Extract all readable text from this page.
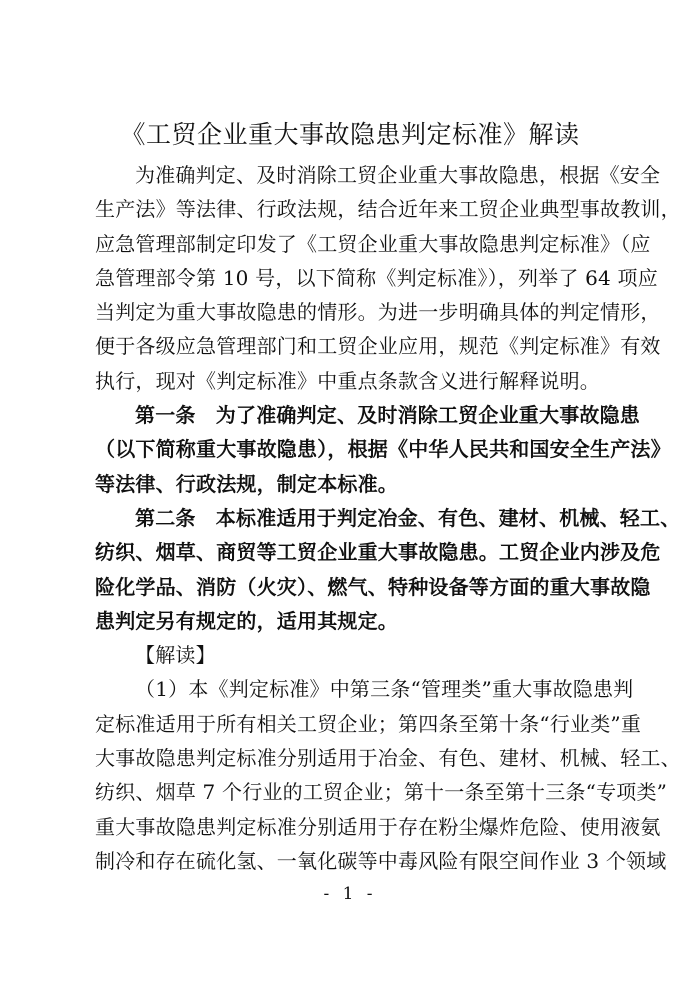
《工贸企业重大事故隐患判定标准》解读
为准确判定、及时消除工贸企业重大事故隐患，根据《安全
生产法》等法律、行政法规，结合近年来工贸企业典型事故教训，
应急管理部制定印发了《工贸企业重大事故隐患判定标准》（应
急管理部令第 10 号，以下简称《判定标准》），列举了 64 项应
当判定为重大事故隐患的情形。为进一步明确具体的判定情形，
便于各级应急管理部门和工贸企业应用，规范《判定标准》有效
执行，现对《判定标准》中重点条款含义进行解释说明。
第一条　为了准确判定、及时消除工贸企业重大事故隐患
（以下简称重大事故隐患），根据《中华人民共和国安全生产法》
等法律、行政法规，制定本标准。
第二条　本标准适用于判定冶金、有色、建材、机械、轻工、
纺织、烟草、商贸等工贸企业重大事故隐患。工贸企业内涉及危
险化学品、消防（火灾）、燃气、特种设备等方面的重大事故隐
患判定另有规定的，适用其规定。
【解读】
（1）本《判定标准》中第三条“管理类”重大事故隐患判
定标准适用于所有相关工贸企业；第四条至第十条“行业类”重
大事故隐患判定标准分别适用于冶金、有色、建材、机械、轻工、
纺织、烟草 7 个行业的工贸企业；第十一条至第十三条“专项类”
重大事故隐患判定标准分别适用于存在粉尘爆炸危险、使用液氨
制冷和存在硫化氢、一氧化碳等中毒风险有限空间作业 3 个领域
- 1 -
